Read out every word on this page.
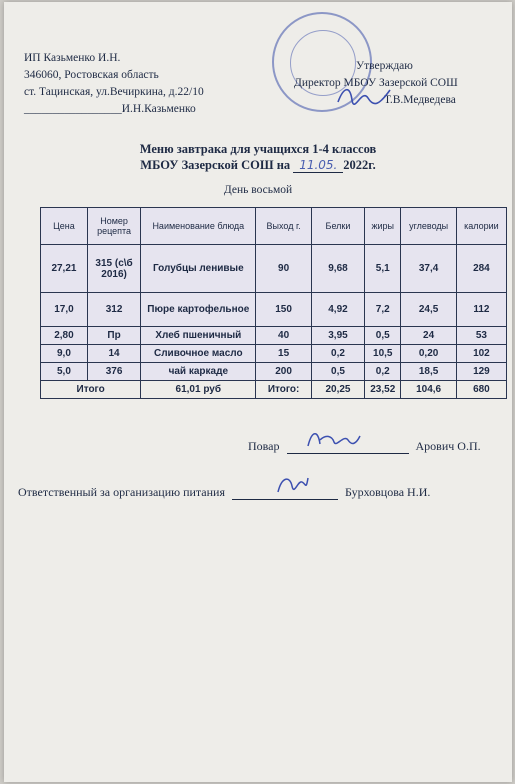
ИП Казьменко И.Н.
346060, Ростовская область
ст. Тацинская, ул.Вечиркина, д.22/10
_________________И.Н.Казьменко
Утверждаю
Директор МБОУ Зазерской СОШ
Т.В.Медведева
Меню завтрака для учащихся 1-4 классов
МБОУ Зазерской СОШ на 11.05. 2022г.
День восьмой
Цена	Номер рецепта	Наименование блюда	Выход г.	Белки	жиры	углеводы	калории
27,21	315 (с\б 2016)	Голубцы ленивые	90	9,68	5,1	37,4	284
17,0	312	Пюре картофельное	150	4,92	7,2	24,5	112
2,80	Пр	Хлеб пшеничный	40	3,95	0,5	24	53
9,0	14	Сливочное масло	15	0,2	10,5	0,20	102
5,0	376	чай каркаде	200	0,5	0,2	18,5	129
Итого		61,01 руб	Итого:	20,25	23,52	104,6	680
Повар	Арович О.П.
Ответственный за организацию питания	Бурховцова Н.И.
